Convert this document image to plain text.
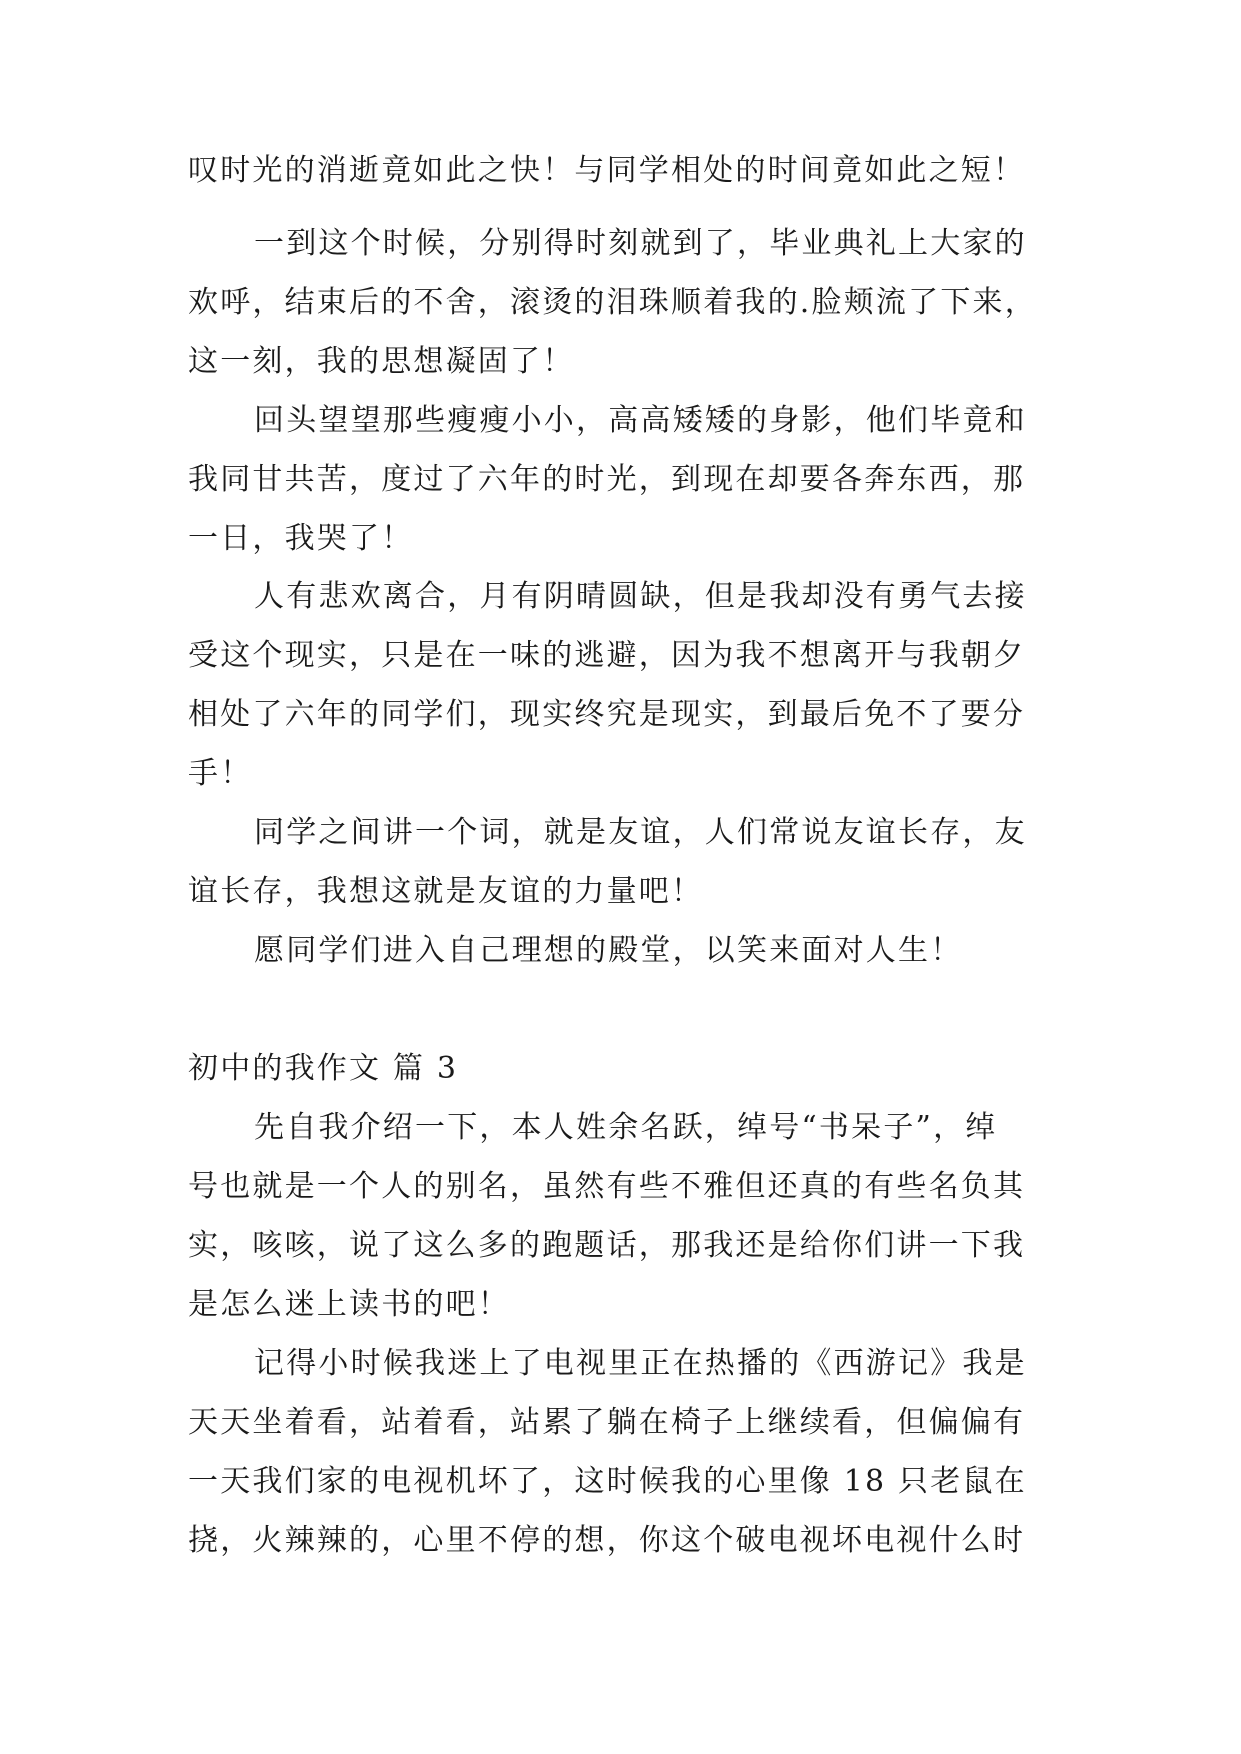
叹时光的消逝竟如此之快！与同学相处的时间竟如此之短！
一到这个时候，分别得时刻就到了，毕业典礼上大家的
欢呼，结束后的不舍，滚烫的泪珠顺着我的.脸颊流了下来，
这一刻，我的思想凝固了！
回头望望那些瘦瘦小小，高高矮矮的身影，他们毕竟和
我同甘共苦，度过了六年的时光，到现在却要各奔东西，那
一日，我哭了！
人有悲欢离合，月有阴晴圆缺，但是我却没有勇气去接
受这个现实，只是在一味的逃避，因为我不想离开与我朝夕
相处了六年的同学们，现实终究是现实，到最后免不了要分
手！
同学之间讲一个词，就是友谊，人们常说友谊长存，友
谊长存，我想这就是友谊的力量吧！
愿同学们进入自己理想的殿堂，以笑来面对人生！
初中的我作文 篇 3
先自我介绍一下，本人姓余名跃，绰号“书呆子”，绰
号也就是一个人的别名，虽然有些不雅但还真的有些名负其
实，咳咳，说了这么多的跑题话，那我还是给你们讲一下我
是怎么迷上读书的吧！
记得小时候我迷上了电视里正在热播的《西游记》我是
天天坐着看，站着看，站累了躺在椅子上继续看，但偏偏有
一天我们家的电视机坏了，这时候我的心里像 18 只老鼠在
挠，火辣辣的，心里不停的想，你这个破电视坏电视什么时
